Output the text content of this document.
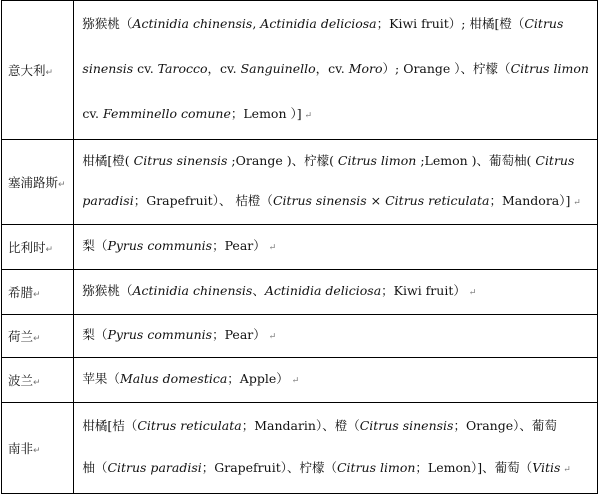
意大利↵	猕猴桃（Actinidia chinensis, Actinidia deliciosa；Kiwi fruit）; 柑橘[橙（Citrus
sinensis cv. Tarocco，cv. Sanguinello，cv. Moro）; Orange ）、柠檬（Citrus limon
cv. Femminello comune；Lemon ）] ↵

塞浦路斯↵	柑橘[橙( Citrus sinensis ;Orange )、柠檬( Citrus limon ;Lemon )、葡萄柚( Citrus
paradisi；Grapefruit）、 桔橙（Citrus sinensis × Citrus reticulata；Mandora）] ↵

比利时↵	梨（Pyrus communis；Pear） ↵

希腊↵	猕猴桃（Actinidia chinensis、Actinidia deliciosa；Kiwi fruit） ↵

荷兰↵	梨（Pyrus communis；Pear） ↵

波兰↵	苹果（Malus domestica；Apple） ↵

南非↵	柑橘[桔（Citrus reticulata；Mandarin）、橙（Citrus sinensis；Orange）、葡萄
柚（Citrus paradisi；Grapefruit）、柠檬（Citrus limon；Lemon）]、葡萄（Vitis ↵
